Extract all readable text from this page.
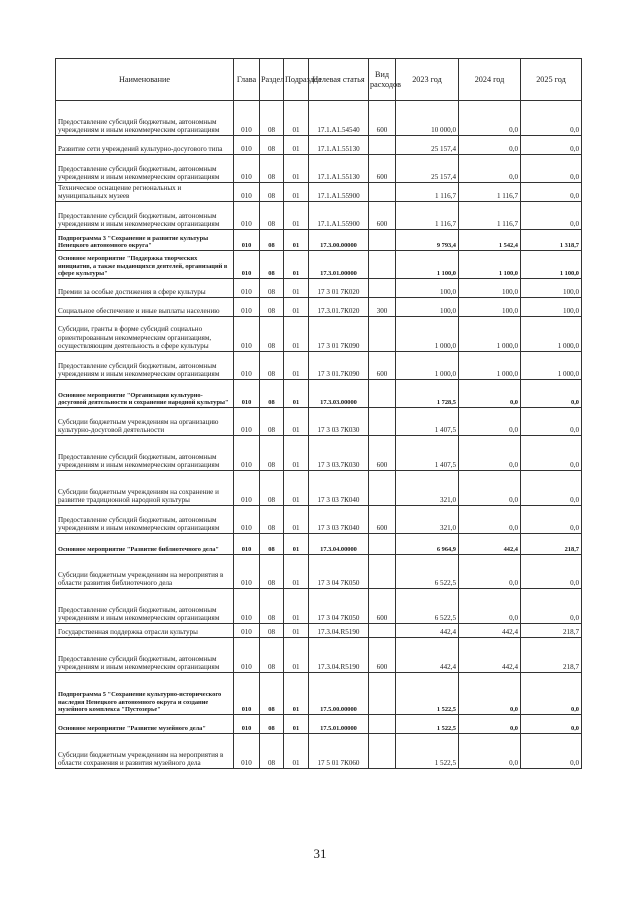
Наименование	Глава	Раздел	Подраздел	Целевая статья	Вид расходов	2023 год	2024 год	2025 год
Предоставление субсидий бюджетным, автономным учреждениям и иным некоммерческим организациям	010	08	01	17.1.A1.54540	600	10 000,0	0,0	0,0
Развитие сети учреждений культурно-досугового типа	010	08	01	17.1.A1.55130		25 157,4	0,0	0,0
Предоставление субсидий бюджетным, автономным учреждениям и иным некоммерческим организациям	010	08	01	17.1.A1.55130	600	25 157,4	0,0	0,0
Техническое оснащение региональных и муниципальных музеев	010	08	01	17.1.A1.55900		1 116,7	1 116,7	0,0
Предоставление субсидий бюджетным, автономным учреждениям и иным некоммерческим организациям	010	08	01	17.1.A1.55900	600	1 116,7	1 116,7	0,0
Подпрограмма 3 "Сохранение и развитие культуры Ненецкого автономного округа"	010	08	01	17.3.00.00000		9 793,4	1 542,4	1 318,7
Основное мероприятие "Поддержка творческих инициатив, а также выдающихся деятелей, организаций в сфере культуры"	010	08	01	17.3.01.00000		1 100,0	1 100,0	1 100,0
Премии за особые достижения в сфере культуры	010	08	01	17 3 01 7К020		100,0	100,0	100,0
Социальное обеспечение и иные выплаты населению	010	08	01	17.3.01.7К020	300	100,0	100,0	100,0
Субсидии, гранты в форме субсидий социально ориентированным некоммерческим организациям, осуществляющим деятельность в сфере культуры	010	08	01	17 3 01 7К090		1 000,0	1 000,0	1 000,0
Предоставление субсидий бюджетным, автономным учреждениям и иным некоммерческим организациям	010	08	01	17 3 01.7К090	600	1 000,0	1 000,0	1 000,0
Основное мероприятие "Организация культурно-досуговой деятельности и сохранение народной культуры"	010	08	01	17.3.03.00000		1 728,5	0,0	0,0
Субсидии бюджетным учреждениям на организацию культурно-досуговой деятельности	010	08	01	17 3 03 7К030		1 407,5	0,0	0,0
Предоставление субсидий бюджетным, автономным учреждениям и иным некоммерческим организациям	010	08	01	17 3 03.7К030	600	1 407,5	0,0	0,0
Субсидии бюджетным учреждениям на сохранение и развитие традиционной народной культуры	010	08	01	17 3 03 7К040		321,0	0,0	0,0
Предоставление субсидий бюджетным, автономным учреждениям и иным некоммерческим организациям	010	08	01	17 3 03 7К040	600	321,0	0,0	0,0
Основное мероприятие "Развитие библиотечного дела"	010	08	01	17.3.04.00000		6 964,9	442,4	218,7
Субсидии бюджетным учреждениям на мероприятия в области развития библиотечного дела	010	08	01	17 3 04 7К050		6 522,5	0,0	0,0
Предоставление субсидий бюджетным, автономным учреждениям и иным некоммерческим организациям	010	08	01	17 3 04 7К050	600	6 522,5	0,0	0,0
Государственная поддержка отрасли культуры	010	08	01	17.3.04.R5190		442,4	442,4	218,7
Предоставление субсидий бюджетным, автономным учреждениям и иным некоммерческим организациям	010	08	01	17.3.04.R5190	600	442,4	442,4	218,7
Подпрограмма 5 "Сохранение культурно-исторического наследия Ненецкого автономного округа и создание музейного комплекса "Пустозерье"	010	08	01	17.5.00.00000		1 522,5	0,0	0,0
Основное мероприятие "Развитие музейного дела"	010	08	01	17.5.01.00000		1 522,5	0,0	0,0
Субсидии бюджетным учреждениям на мероприятия в области сохранения и развития музейного дела	010	08	01	17 5 01 7К060		1 522,5	0,0	0,0
31
